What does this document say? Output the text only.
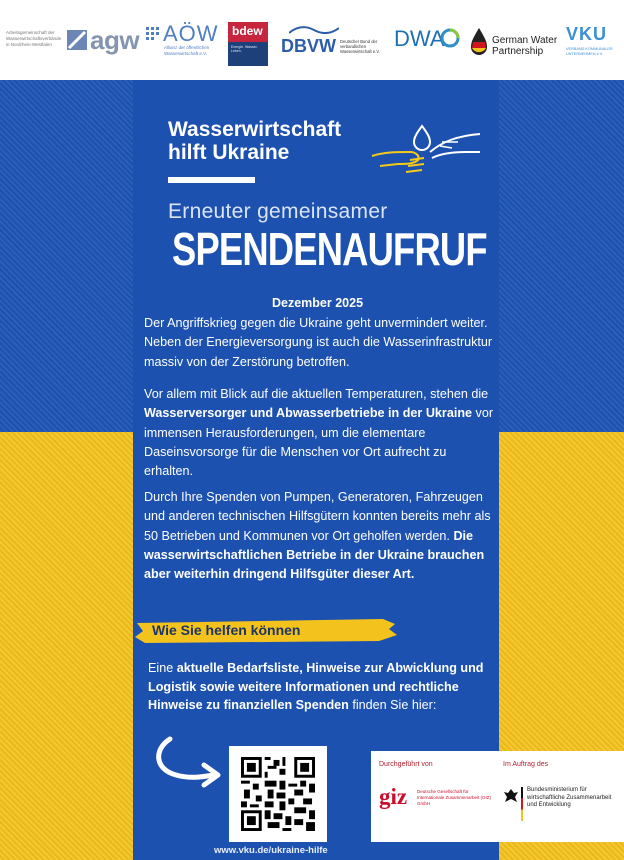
Arbeitsgemeinschaft der Wasserwirtschaftsverbände in Nordrhein-Westfalen	agw AÖW
Allianz der öffentlichen Wasserwirtschaft e.V.
bdew
Energie. Wasser. Leben.	DBVW Deutscher Bund der verbandlichen Wasserwirtschaft e.V.
DWA	German Water Partnership
VKU
VERBAND KOMMUNALER UNTERNEHMEN e.V.
Wasserwirtschaft
hilft Ukraine
Erneuter gemeinsamer
SPENDENAUFRUF
Dezember 2025
Der Angriffskrieg gegen die Ukraine geht unvermindert weiter. Neben der Energieversorgung ist auch die Wasserinfrastruktur massiv von der Zerstörung betroffen.
Vor allem mit Blick auf die aktuellen Temperaturen, stehen die Wasserversorger und Abwasserbetriebe in der Ukraine vor immensen Herausforderungen, um die elementare Daseinsvorsorge für die Menschen vor Ort aufrecht zu erhalten.
Durch Ihre Spenden von Pumpen, Generatoren, Fahrzeugen und anderen technischen Hilfsgütern konnten bereits mehr als 50 Betrieben und Kommunen vor Ort geholfen werden. Die wasserwirtschaftlichen Betriebe in der Ukraine brauchen aber weiterhin dringend Hilfsgüter dieser Art.
Wie Sie helfen können
Eine aktuelle Bedarfsliste, Hinweise zur Abwicklung und Logistik sowie weitere Informationen und rechtliche Hinweise zu finanziellen Spenden finden Sie hier:
www.vku.de/ukraine-hilfe
Durchgeführt von
giz Deutsche Gesellschaft für Internationale Zusammenarbeit (GIZ) GmbH
Im Auftrag des
Bundesministerium für wirtschaftliche Zusammenarbeit und Entwicklung
